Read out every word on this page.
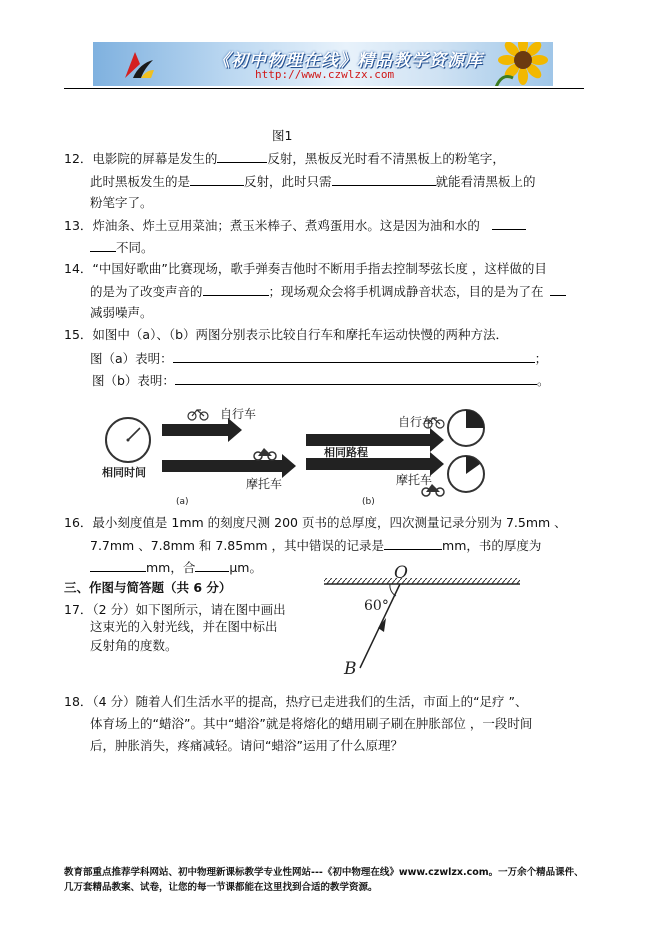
《初中物理在线》精品教学资源库
http://www.czwlzx.com
图1
12．电影院的屏幕是发生的	反射，黑板反光时看不清黑板上的粉笔字，
此时黑板发生的是	反射，此时只需	就能看清黑板上的
粉笔字了。
13．炸油条、炸土豆用菜油；煮玉米棒子、煮鸡蛋用水。这是因为油和水的
不同。
14．“中国好歌曲”比赛现场，歌手弹奏吉他时不断用手指去控制琴弦长度 ，这样做的目
的是为了改变声音的	；现场观众会将手机调成静音状态，目的是为了在
减弱噪声。
15．如图中（a）、（b）两图分别表示比较自行车和摩托车运动快慢的两种方法．
图（a）表明：	；
图（b）表明：	。
相同时间
自行车
摩托车
(a)
相同路程
自行车
摩托车
(b)
16．最小刻度值是 1mm 的刻度尺测 200 页书的总厚度，四次测量记录分别为 7.5mm 、
7.7mm 、7.8mm 和 7.85mm ，其中错误的记录是	mm，书的厚度为
mm，合	μm。
三、作图与简答题（共 6 分）
17．（2 分）如下图所示，请在图中画出
这束光的入射光线，并在图中标出
反射角的度数。
O
60°
B
18．（4 分）随着人们生活水平的提高，热疗已走进我们的生活，市面上的“足疗 ”、
体育场上的“蜡浴”。其中“蜡浴”就是将熔化的蜡用刷子刷在肿胀部位 ，一段时间
后，肿胀消失，疼痛减轻。请问“蜡浴”运用了什么原理？
教育部重点推荐学科网站、初中物理新课标教学专业性网站---《初中物理在线》www.czwlzx.com。一万余个精品课件、
几万套精品教案、试卷，让您的每一节课都能在这里找到合适的教学资源。
